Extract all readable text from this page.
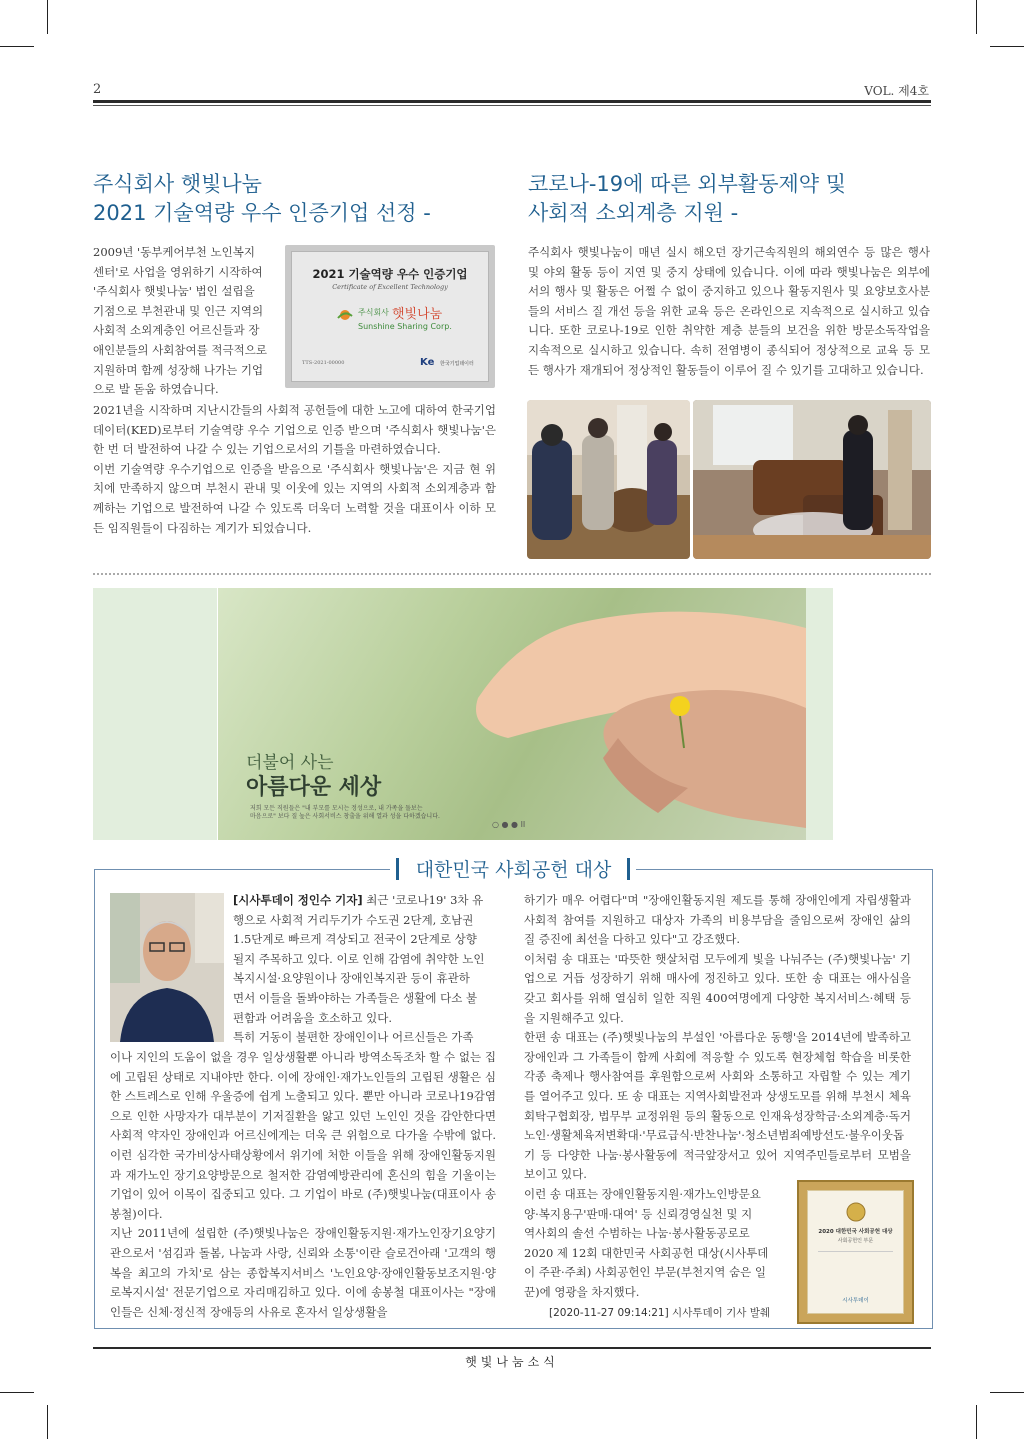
2	VOL. 제4호
주식회사 햇빛나눔
2021 기술역량 우수 인증기업 선정 -

2009년 '동부케어부천 노인복지

센터'로 사업을 영위하기 시작하여

'주식회사 햇빛나눔' 법인 설립을

기점으로 부천관내 및 인근 지역의

사회적 소외계층인 어르신들과 장

애인분들의 사회참여를 적극적으로

지원하며 함께 성장해 나가는 기업

으로 발 돋움 하였습니다.

2021 기술역량 우수 인증기업
Certificate of Excellent Technology
주식회사 햇빛나눔
Sunshine Sharing Corp.
TTS-2021-00000	Ke 한국기업데이터

2021년을 시작하며 지난시간들의 사회적 공헌들에 대한 노고에 대하여 한국기업데이터(KED)로부터 기술역량 우수 기업으로 인증 받으며 '주식회사 햇빛나눔'은 한 번 더 발전하여 나갈 수 있는 기업으로서의 기틀을 마련하였습니다.

이번 기술역량 우수기업으로 인증을 받음으로 '주식회사 햇빛나눔'은 지금 현 위치에 만족하지 않으며 부천시 관내 및 이웃에 있는 지역의 사회적 소외계층과 함께하는 기업으로 발전하여 나갈 수 있도록 더욱더 노력할 것을 대표이사 이하 모든 임직원들이 다짐하는 계기가 되었습니다.

코로나-19에 따른 외부활동제약 및
사회적 소외계층 지원 -
주식회사 햇빛나눔이 매년 실시 해오던 장기근속직원의 해외연수 등 많은 행사 및 야외 활동 등이 지연 및 중지 상태에 있습니다. 이에 따라 햇빛나눔은 외부에서의 행사 및 활동은 어쩔 수 없이 중지하고 있으나 활동지원사 및 요양보호사분들의 서비스 질 개선 등을 위한 교육 등은 온라인으로 지속적으로 실시하고 있습니다. 또한 코로나-19로 인한 취약한 계층 분들의 보건을 위한 방문소독작업을 지속적으로 실시하고 있습니다. 속히 전염병이 종식되어 정상적으로 교육 등 모든 행사가 재개되어 정상적인 활동들이 이루어 질 수 있기를 고대하고 있습니다.
더불어 사는
아름다운 세상
저희 모든 직원들은 "내 부모를 모시는 정성으로, 내 가족을 돌보는
마음으로" 보다 질 높은 사회서비스 창출을 위해 열과 성을 다하겠습니다.
○ ● ● II
대한민국 사회공헌 대상

[시사투데이 정인수 기자] 최근 '코로나19' 3차 유

행으로 사회적 거리두기가 수도권 2단계, 호남권

1.5단계로 빠르게 격상되고 전국이 2단계로 상향

될지 주목하고 있다. 이로 인해 감염에 취약한 노인

복지시설·요양원이나 장애인복지관 등이 휴관하

면서 이들을 돌봐야하는 가족들은 생활에 다소 불

편함과 어려움을 호소하고 있다.

특히 거동이 불편한 장애인이나 어르신들은 가족

이나 지인의 도움이 없을 경우 일상생활뿐 아니라 방역소독조차 할 수 없는 집에 고립된 상태로 지내야만 한다. 이에 장애인·재가노인들의 고립된 생활은 심한 스트레스로 인해 우울증에 쉽게 노출되고 있다. 뿐만 아니라 코로나19감염으로 인한 사망자가 대부분이 기저질환을 앓고 있던 노인인 것을 감안한다면 사회적 약자인 장애인과 어르신에게는 더욱 큰 위험으로 다가올 수밖에 없다. 이런 심각한 국가비상사태상황에서 위기에 처한 이들을 위해 장애인활동지원과 재가노인 장기요양방문으로 철저한 감염예방관리에 혼신의 힘을 기울이는 기업이 있어 이목이 집중되고 있다. 그 기업이 바로 (주)햇빛나눔(대표이사 송봉철)이다.

지난 2011년에 설립한 (주)햇빛나눔은 장애인활동지원·재가노인장기요양기관으로서 '섬김과 돌봄, 나눔과 사랑, 신뢰와 소통'이란 슬로건아래 '고객의 행복을 최고의 가치'로 삼는 종합복지서비스 '노인요양·장애인활동보조지원·양로복지시설' 전문기업으로 자리매김하고 있다. 이에 송봉철 대표이사는 "장애인들은 신체·정신적 장애등의 사유로 혼자서 일상생활을

하기가 매우 어렵다"며 "장애인활동지원 제도를 통해 장애인에게 자립생활과 사회적 참여를 지원하고 대상자 가족의 비용부담을 줄임으로써 장애인 삶의 질 증진에 최선을 다하고 있다"고 강조했다.

이처럼 송 대표는 '따뜻한 햇살처럼 모두에게 빛을 나눠주는 (주)햇빛나눔' 기업으로 거듭 성장하기 위해 매사에 정진하고 있다. 또한 송 대표는 애사심을 갖고 회사를 위해 열심히 일한 직원 400여명에게 다양한 복지서비스·혜택 등을 지원해주고 있다.

한편 송 대표는 (주)햇빛나눔의 부설인 '아름다운 동행'을 2014년에 발족하고 장애인과 그 가족들이 함께 사회에 적응할 수 있도록 현장체험 학습을 비롯한 각종 축제나 행사참여를 후원함으로써 사회와 소통하고 자립할 수 있는 계기를 열어주고 있다. 또 송 대표는 지역사회발전과 상생도모를 위해 부천시 체육회탁구협회장, 법무부 교정위원 등의 활동으로 인재육성장학금·소외계층·독거노인·생활체육저변확대·'무료급식·반찬나눔'·청소년범죄예방선도·불우이웃돕기 등 다양한 나눔·봉사활동에 적극앞장서고 있어 지역주민들로부터 모범을 보이고 있다.

이런 송 대표는 장애인활동지원·재가노인방문요

양·복지용구'판매·대여' 등 신뢰경영실천 및 지

역사회의 솔선 수범하는 나눔·봉사활동공로로

2020 제 12회 대한민국 사회공헌 대상(시사투데

이 주관·주최) 사회공헌인 부문(부천지역 숨은 일

꾼)에 영광을 차지했다.

[2020-11-27 09:14:21] 시사투데이 기사 발췌
2020 대한민국 사회공헌 대상
사회공헌인 부문
시사투데이
햇빛나눔소식
